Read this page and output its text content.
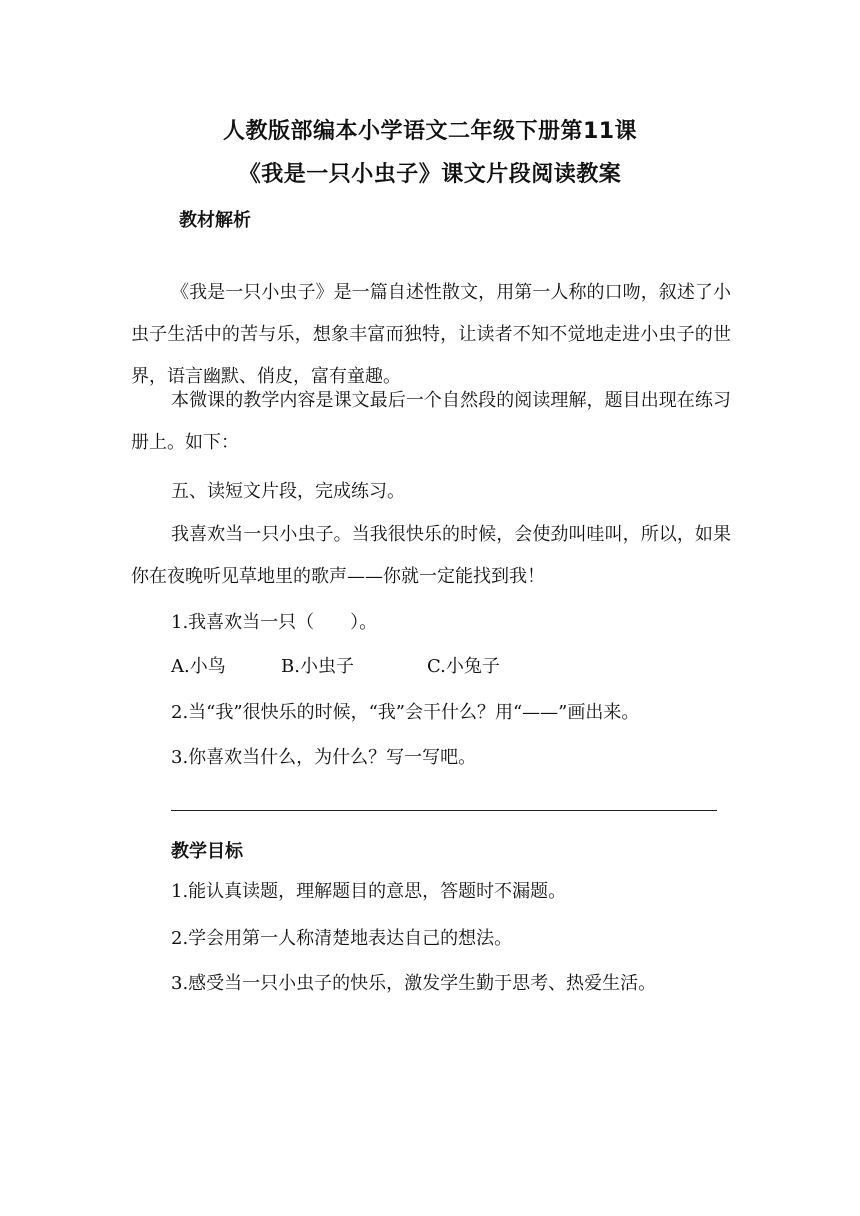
人教版部编本小学语文二年级下册第11课
《我是一只小虫子》课文片段阅读教案
教材解析
《我是一只小虫子》是一篇自述性散文，用第一人称的口吻，叙述了小虫子生活中的苦与乐，想象丰富而独特，让读者不知不觉地走进小虫子的世界，语言幽默、俏皮，富有童趣。
本微课的教学内容是课文最后一个自然段的阅读理解，题目出现在练习册上。如下：
五、读短文片段，完成练习。
我喜欢当一只小虫子。当我很快乐的时候，会使劲叫哇叫，所以，如果你在夜晚听见草地里的歌声——你就一定能找到我！
1.我喜欢当一只（　　）。
A.小鸟	B.小虫子	C.小兔子
2.当“我”很快乐的时候，“我”会干什么？用“——”画出来。
3.你喜欢当什么，为什么？写一写吧。
教学目标
1.能认真读题，理解题目的意思，答题时不漏题。
2.学会用第一人称清楚地表达自己的想法。
3.感受当一只小虫子的快乐，激发学生勤于思考、热爱生活。
